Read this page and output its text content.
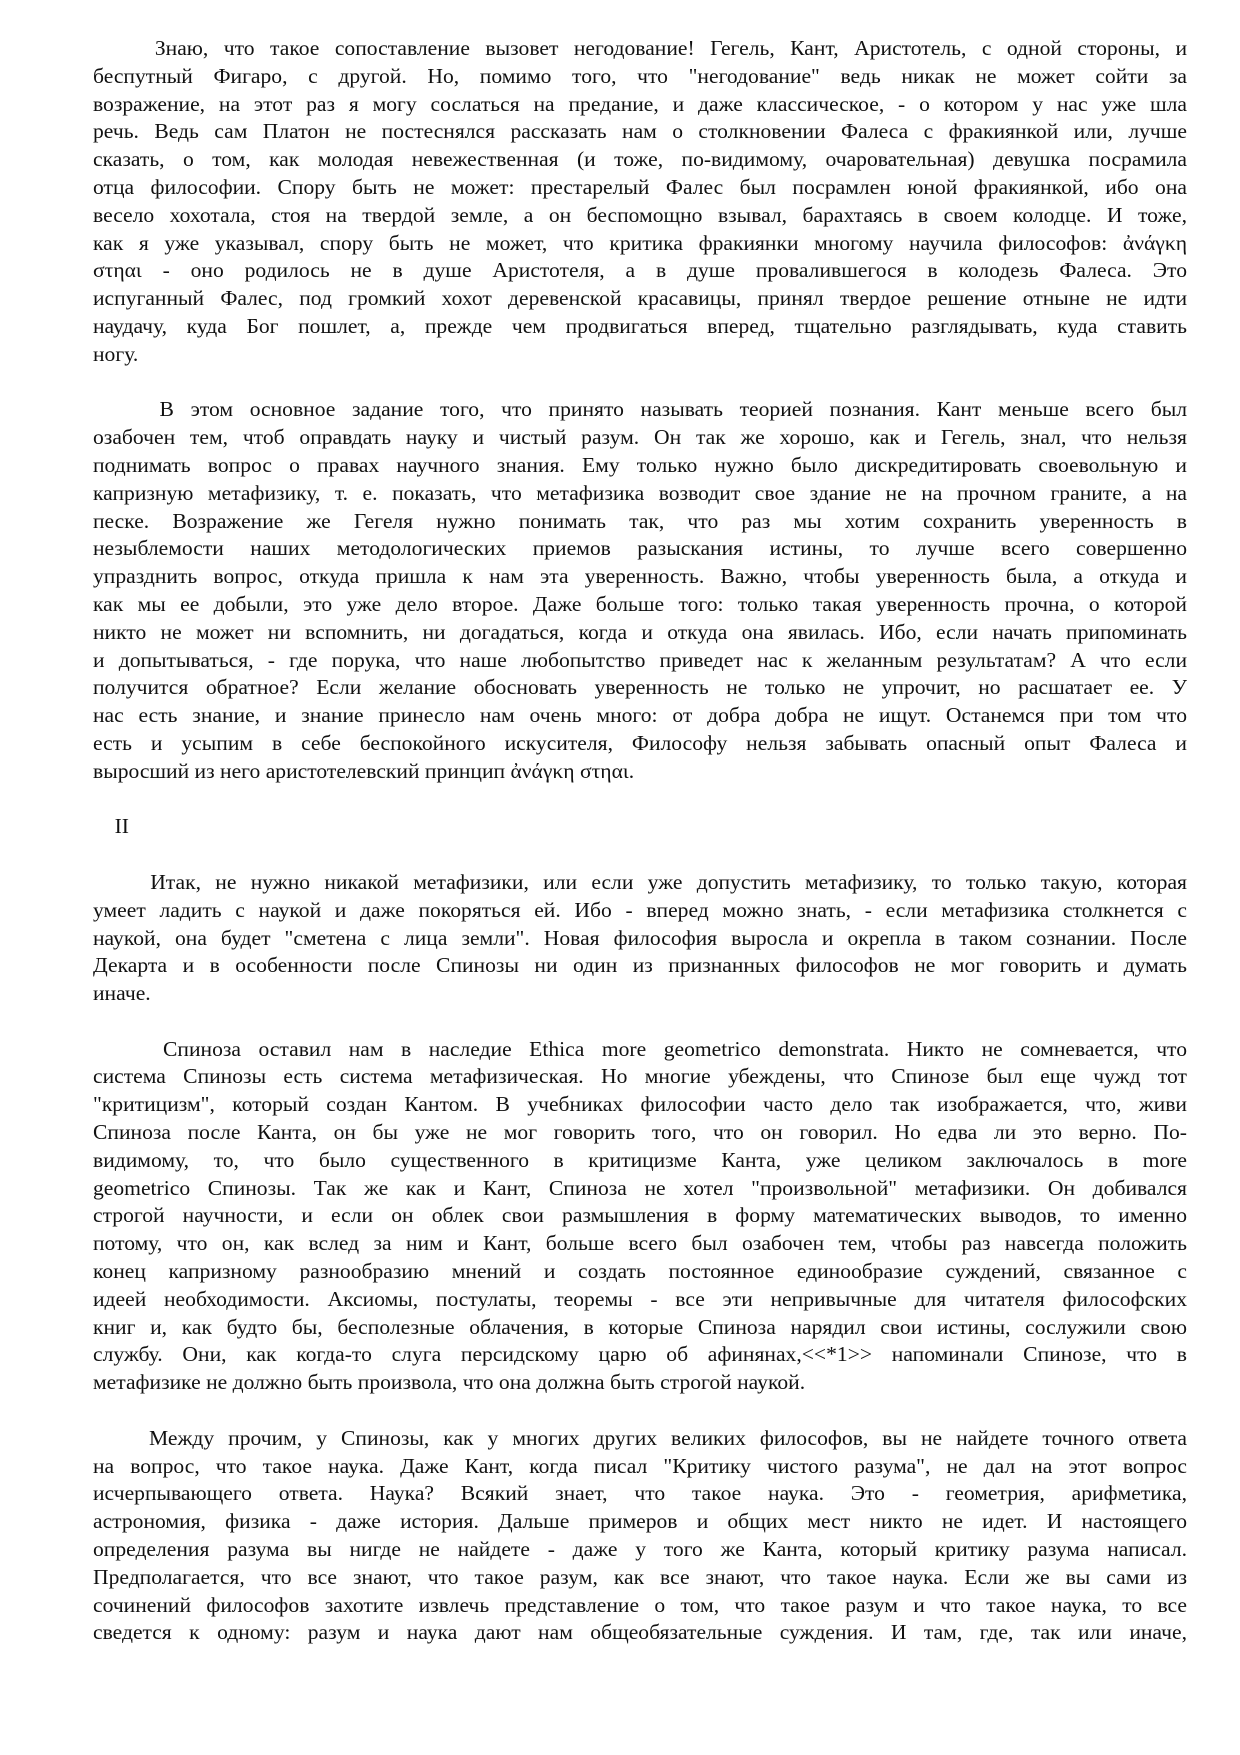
Знаю, что такое сопоставление вызовет негодование! Гегель, Кант, Аристотель, с одной стороны, и
беспутный Фигаро, с другой. Но, помимо того, что "негодование" ведь никак не может сойти за
возражение, на этот раз я могу сослаться на предание, и даже классическое, - о котором у нас уже шла
речь. Ведь сам Платон не постеснялся рассказать нам о столкновении Фалеса с фракиянкой или, лучше
сказать, о том, как молодая невежественная (и тоже, по-видимому, очаровательная) девушка посрамила
отца философии. Спору быть не может: престарелый Фалес был посрамлен юной фракиянкой, ибо она
весело хохотала, стоя на твердой земле, а он беспомощно взывал, барахтаясь в своем колодце. И тоже,
как я уже указывал, спору быть не может, что критика фракиянки многому научила философов: ἀνάγκη
στηαι - оно родилось не в душе Аристотеля, а в душе провалившегося в колодезь Фалеса. Это
испуганный Фалес, под громкий хохот деревенской красавицы, принял твердое решение отныне не идти
наудачу, куда Бог пошлет, а, прежде чем продвигаться вперед, тщательно разглядывать, куда ставить
ногу.
В этом основное задание того, что принято называть теорией познания. Кант меньше всего был
озабочен тем, чтоб оправдать науку и чистый разум. Он так же хорошо, как и Гегель, знал, что нельзя
поднимать вопрос о правах научного знания. Ему только нужно было дискредитировать своевольную и
капризную метафизику, т. е. показать, что метафизика возводит свое здание не на прочном граните, а на
песке. Возражение же Гегеля нужно понимать так, что раз мы хотим сохранить уверенность в
незыблемости наших методологических приемов разыскания истины, то лучше всего совершенно
упразднить вопрос, откуда пришла к нам эта уверенность. Важно, чтобы уверенность была, а откуда и
как мы ее добыли, это уже дело второе. Даже больше того: только такая уверенность прочна, о которой
никто не может ни вспомнить, ни догадаться, когда и откуда она явилась. Ибо, если начать припоминать
и допытываться, - где порука, что наше любопытство приведет нас к желанным результатам? А что если
получится обратное? Если желание обосновать уверенность не только не упрочит, но расшатает ее. У
нас есть знание, и знание принесло нам очень много: от добра добра не ищут. Останемся при том что
есть и усыпим в себе беспокойного искусителя, Философу нельзя забывать опасный опыт Фалеса и
выросший из него аристотелевский принцип ἀνάγκη στηαι.
II
Итак, не нужно никакой метафизики, или если уже допустить метафизику, то только такую, которая
умеет ладить с наукой и даже покоряться ей. Ибо - вперед можно знать, - если метафизика столкнется с
наукой, она будет "сметена с лица земли". Новая философия выросла и окрепла в таком сознании. После
Декарта и в особенности после Спинозы ни один из признанных философов не мог говорить и думать
иначе.
Спиноза оставил нам в наследие Ethica more geometrico demonstrata. Никто не сомневается, что
система Спинозы есть система метафизическая. Но многие убеждены, что Спинозе был еще чужд тот
"критицизм", который создан Кантом. В учебниках философии часто дело так изображается, что, живи
Спиноза после Канта, он бы уже не мог говорить того, что он говорил. Но едва ли это верно. По-
видимому, то, что было существенного в критицизме Канта, уже целиком заключалось в more
geometrico Спинозы. Так же как и Кант, Спиноза не хотел "произвольной" метафизики. Он добивался
строгой научности, и если он облек свои размышления в форму математических выводов, то именно
потому, что он, как вслед за ним и Кант, больше всего был озабочен тем, чтобы раз навсегда положить
конец капризному разнообразию мнений и создать постоянное единообразие суждений, связанное с
идеей необходимости. Аксиомы, постулаты, теоремы - все эти непривычные для читателя философских
книг и, как будто бы, бесполезные облачения, в которые Спиноза нарядил свои истины, сослужили свою
службу. Они, как когда-то слуга персидскому царю об афинянах,<<*1>> напоминали Спинозе, что в
метафизике не должно быть произвола, что она должна быть строгой наукой.
Между прочим, у Спинозы, как у многих других великих философов, вы не найдете точного ответа
на вопрос, что такое наука. Даже Кант, когда писал "Критику чистого разума", не дал на этот вопрос
исчерпывающего ответа. Наука? Всякий знает, что такое наука. Это - геометрия, арифметика,
астрономия, физика - даже история. Дальше примеров и общих мест никто не идет. И настоящего
определения разума вы нигде не найдете - даже у того же Канта, который критику разума написал.
Предполагается, что все знают, что такое разум, как все знают, что такое наука. Если же вы сами из
сочинений философов захотите извлечь представление о том, что такое разум и что такое наука, то все
сведется к одному: разум и наука дают нам общеобязательные суждения. И там, где, так или иначе,
